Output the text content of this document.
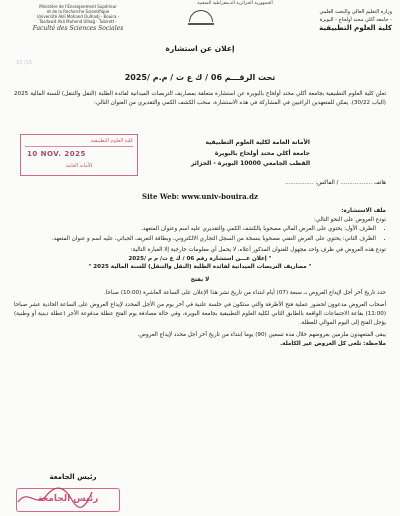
Ministère de l'Enseignement Supérieur
et de la Recherche Scientifique
Université Akli Mohand Oulhadj - Bouira -
Tasdawit Akli Muhend Ulhağ - Tubirett -
Faculté des Sciences Sociales
الجمهورية الجزائرية الديمقراطية الشعبية
وزارة التعليم العالي والبحث العلمي
جامعة أكلي محند أولحاج - البويرة -
كلية العلوم التطبيقية
10 /15
إعلان عن استشارة
تحت الرقـــم 06 / ك ع ت / م.م /2025
تعلن كلية العلوم التطبيقية بجامعة أكلي محند أولحاج بالبويرة عن استشارة متعلقة بمصاريف التربصات الميدانية لفائدة الطلبة (النقل والتنقل) للسنة المالية 2025 (الباب 30/22). يمكن للمتعهدين الراغبين في المشاركة في هذه الاستشارة، سحب الكشف الكمي والتقديري من العنوان التالي:
كلية العلوم التطبيقية
10 NOV. 2025
الأمانة العامة
الأمانة العامة لكلية العلوم التطبيقية
جامعة أكلي محند أولحاج بالبويرة
القطب الجامعي 10000 البويرة - الجزائر
هاتف .................. / الفاكس: ................
Site Web: www.univ-bouira.dz

ملف الاستشارة:

تودع العروض على النحو التالي:

• الظرف الأول: يحتوي على العرض المالي مصحوبا بالكشف الكمي والتقديري عليه اسم وعنوان المتعهد.
• الظرف الثاني: يحتوي على العرض التقني مصحوبا بنسخة من السجل التجاري الالكتروني، وبطاقة التعريف الجبائي، عليه اسم و عنوان المتعهد.

تودع هذه العروض في ظرف واحد مجهول للعنوان المذكور أعلاه، لا يحمل أي معلومات خارجية إلا العبارة التالية:

" إعلان عـــن استشارة رقم 06 / ك ع ت/ م م /2025

" مصاريف التربصات الميدانية لفائدة الطلبة (النقل والتنقل) للسنة المالية 2025 "

لا يفتح

حدد تاريخ آخر أجل لإيداع العروض بـ سبعة (07) أيام ابتداء من تاريخ نشر هذا الإعلان على الساعة العاشرة (10:00) صباحا.

أصحاب العروض مدعوون لحضور عملية فتح الأظرفة والتي ستكون في جلسة علنية في آخر يوم من الأجل المحدد لإيداع العروض على الساعة الحادية عشر صباحا (11:00) بقاعة الاجتماعات الواقعة بالطابق الثاني لكلية العلوم التطبيقية بجامعة البويرة، وفي حالة مصادفة يوم الفتح عطلة مدفوعة الأجر (عطلة دينية أو وطنية) يؤجل الفتح إلى اليوم الموالي للعطلة.

يبقى المتعهدون ملزمين بعروضهم خلال مدة تسعين (90) يوما ابتداء من تاريخ آخر أجل محدد لإيداع العروض.

ملاحظة: تلغى كل العروض غير الكاملة.

رئيس الجامعة
رئيس الجامعة
